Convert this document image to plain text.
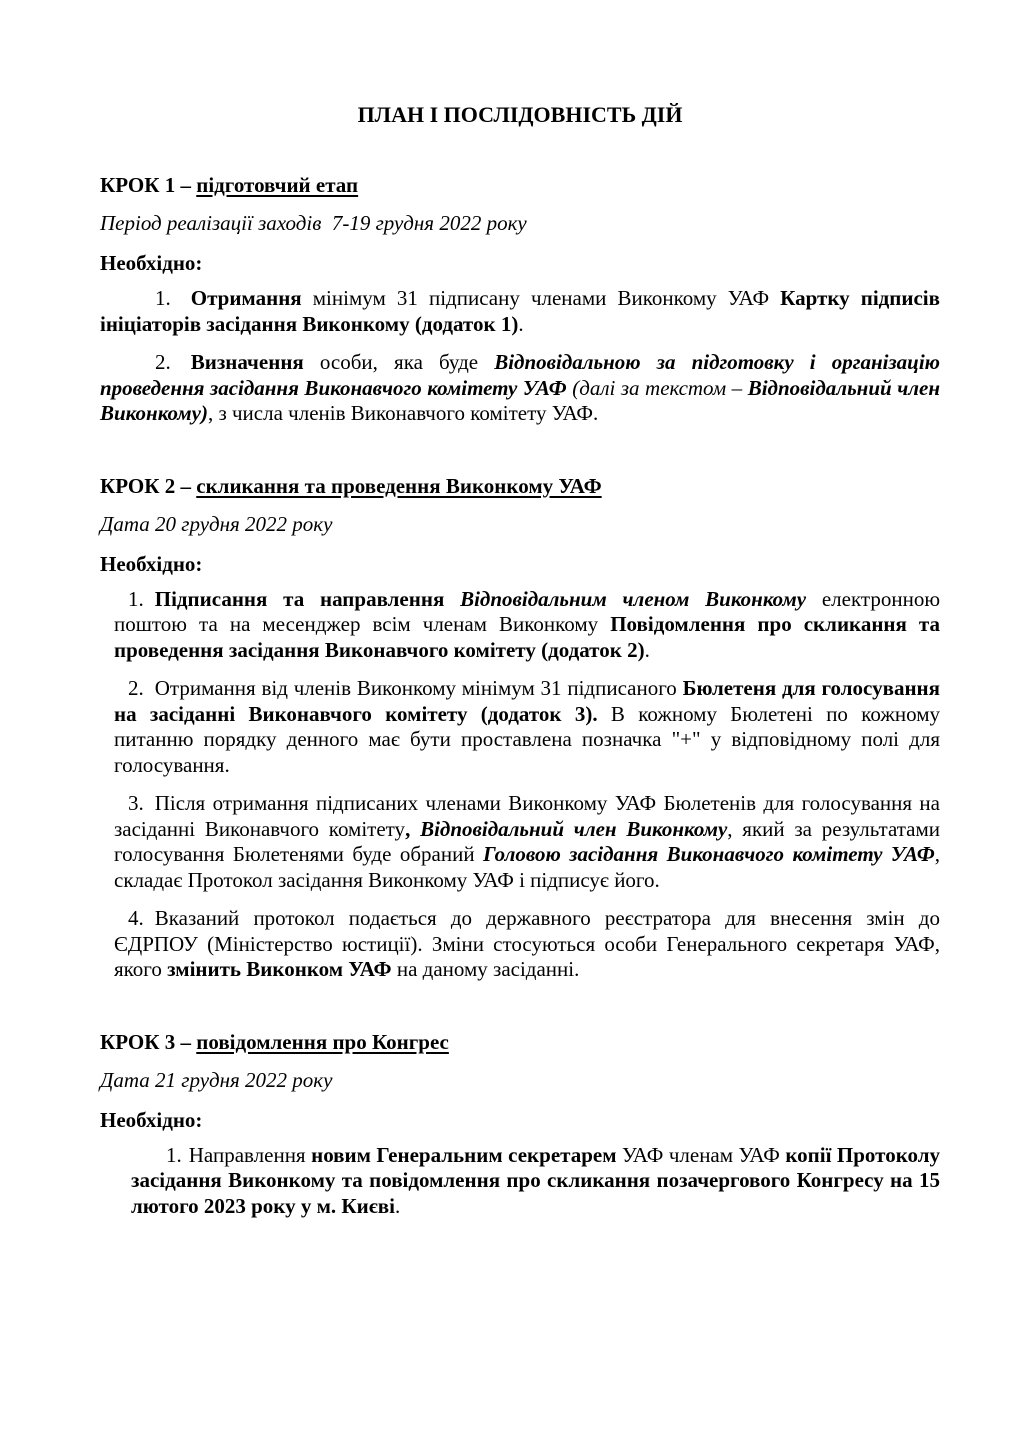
ПЛАН І ПОСЛІДОВНІСТЬ ДІЙ
КРОК 1 – підготовчий етап

Період реалізації заходів  7-19 грудня 2022 року

Необхідно:

1. Отримання мінімум 31 підписану членами Виконкому УАФ Картку підписів ініціаторів засідання Виконкому (додаток 1).

2. Визначення особи, яка буде Відповідальною за підготовку і організацію проведення засідання Виконавчого комітету УАФ (далі за текстом – Відповідальний член Виконкому), з числа членів Виконавчого комітету УАФ.

КРОК 2 – скликання та проведення Виконкому УАФ

Дата 20 грудня 2022 року

Необхідно:

1. Підписання та направлення Відповідальним членом Виконкому електронною поштою та на месенджер всім членам Виконкому Повідомлення про скликання та проведення засідання Виконавчого комітету (додаток 2).

2. Отримання від членів Виконкому мінімум 31 підписаного Бюлетеня для голосування на засіданні Виконавчого комітету (додаток 3). В кожному Бюлетені по кожному питанню порядку денного має бути проставлена позначка "+" у відповідному полі для голосування.

3. Після отримання підписаних членами Виконкому УАФ Бюлетенів для голосування на засіданні Виконавчого комітету, Відповідальний член Виконкому, який за результатами голосування Бюлетенями буде обраний Головою засідання Виконавчого комітету УАФ, складає Протокол засідання Виконкому УАФ і підписує його.

4. Вказаний протокол подається до державного реєстратора для внесення змін до ЄДРПОУ (Міністерство юстиції). Зміни стосуються особи Генерального секретаря УАФ, якого змінить Виконком УАФ на даному засіданні.

КРОК 3 – повідомлення про Конгрес

Дата 21 грудня 2022 року

Необхідно:

1. Направлення новим Генеральним секретарем УАФ членам УАФ копії Протоколу засідання Виконкому та повідомлення про скликання позачергового Конгресу на 15 лютого 2023 року у м. Києві.
